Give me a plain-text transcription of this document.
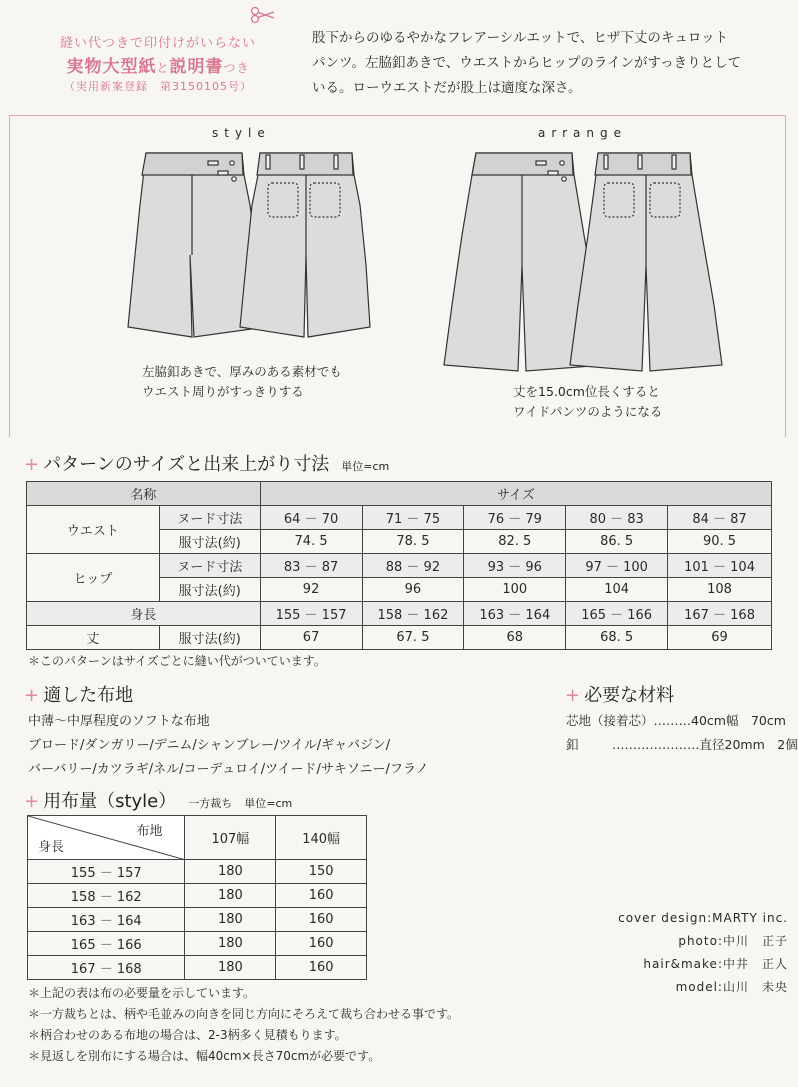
縫い代つきで印付けがいらない
実物大型紙と説明書つき
（実用新案登録　第3150105号）
股下からのゆるやかなフレアーシルエットで、ヒザ下丈のキュロット
パンツ。左脇釦あきで、ウエストからヒップのラインがすっきりとして
いる。ローウエストだが股上は適度な深さ。
style	arrange
左脇釦あきで、厚みのある素材でも
ウエスト周りがすっきりする	丈を15.0cm位長くすると
ワイドパンツのようになる
+ パターンのサイズと出来上がり寸法 単位=cm
名称		サイズ				
ウエスト	ヌード寸法	64 － 70	71 － 75	76 － 79	80 － 83	84 － 87
	服寸法(約)	74. 5	78. 5	82. 5	86. 5	90. 5
ヒップ	ヌード寸法	83 － 87	88 － 92	93 － 96	97 － 100	101 － 104
	服寸法(約)	92	96	100	104	108
身長		155 － 157	158 － 162	163 － 164	165 － 166	167 － 168
丈	服寸法(約)	67	67. 5	68	68. 5	69
＊このパターンはサイズごとに縫い代がついています。
+ 適した布地
中薄～中厚程度のソフトな布地
ブロード/ダンガリー/デニム/シャンブレー/ツイル/ギャバジン/
バーバリー/カツラギ/ネル/コーデュロイ/ツイード/サキソニー/フラノ
+ 必要な材料
芯地（接着芯）………40cm幅　70cm
釦	…………………直径20mm　2個
+ 用布量（style） 一方裁ち 単位=cm
布地
身長	107幅	140幅
155 － 157	180	150
158 － 162	180	160
163 － 164	180	160
165 － 166	180	160
167 － 168	180	160
cover design:MARTY inc.
photo:中川　正子
hair&make:中井　正人
model:山川　未央
＊上記の表は布の必要量を示しています。
＊一方裁ちとは、柄や毛並みの向きを同じ方向にそろえて裁ち合わせる事です。
＊柄合わせのある布地の場合は、2-3柄多く見積もります。
＊見返しを別布にする場合は、幅40cm×長さ70cmが必要です。
